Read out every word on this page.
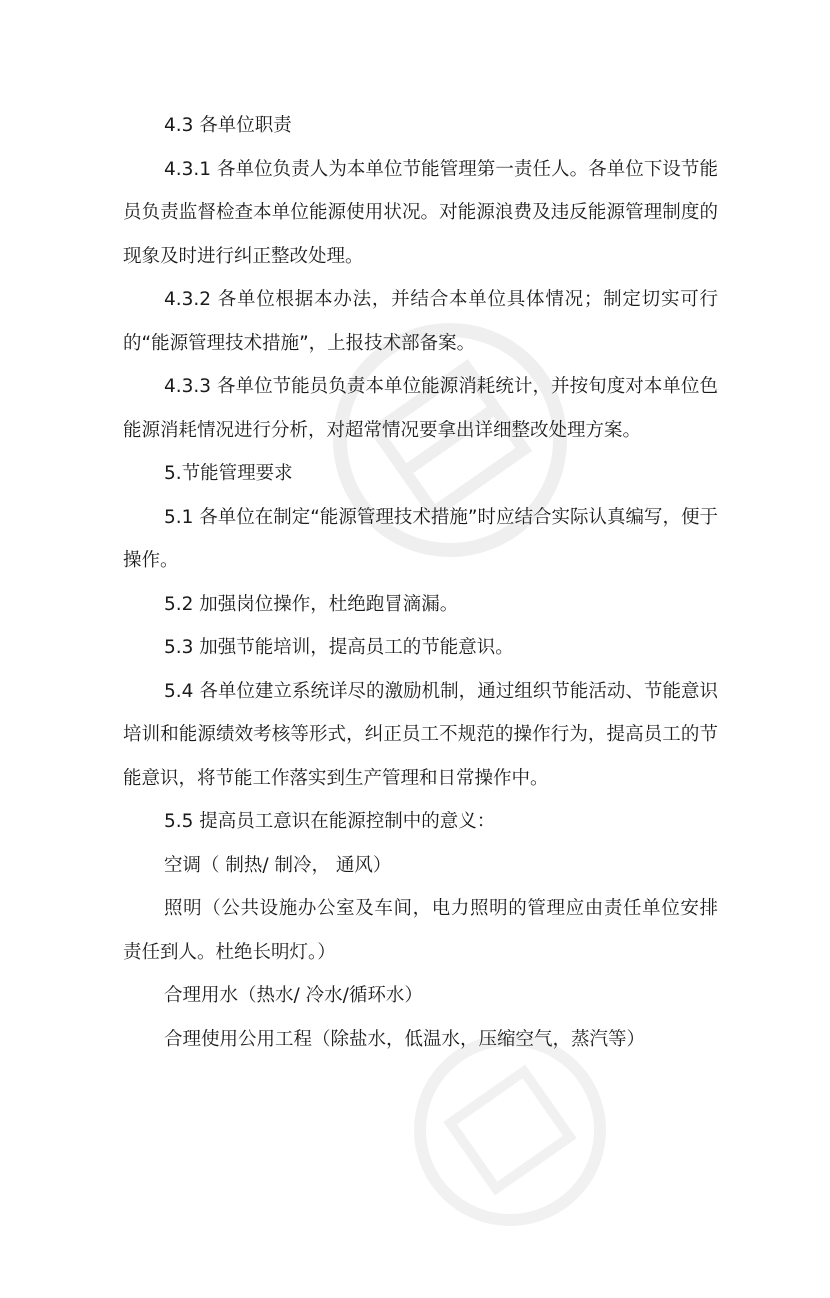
4.3 各单位职责

4.3.1 各单位负责人为本单位节能管理第一责任人。各单位下设节能员负责监督检查本单位能源使用状况。对能源浪费及违反能源管理制度的现象及时进行纠正整改处理。

4.3.2 各单位根据本办法，并结合本单位具体情况；制定切实可行的“能源管理技术措施”，上报技术部备案。

4.3.3 各单位节能员负责本单位能源消耗统计，并按旬度对本单位色能源消耗情况进行分析，对超常情况要拿出详细整改处理方案。

5.节能管理要求

5.1 各单位在制定“能源管理技术措施”时应结合实际认真编写，便于操作。

5.2 加强岗位操作，杜绝跑冒滴漏。

5.3 加强节能培训，提高员工的节能意识。

5.4 各单位建立系统详尽的激励机制，通过组织节能活动、节能意识培训和能源绩效考核等形式，纠正员工不规范的操作行为，提高员工的节能意识，将节能工作落实到生产管理和日常操作中。

5.5 提高员工意识在能源控制中的意义：

空调（ 制热/ 制冷， 通风）

照明（公共设施办公室及车间，电力照明的管理应由责任单位安排责任到人。杜绝长明灯。）

合理用水（热水/ 冷水/循环水）

合理使用公用工程（除盐水，低温水，压缩空气，蒸汽等）
